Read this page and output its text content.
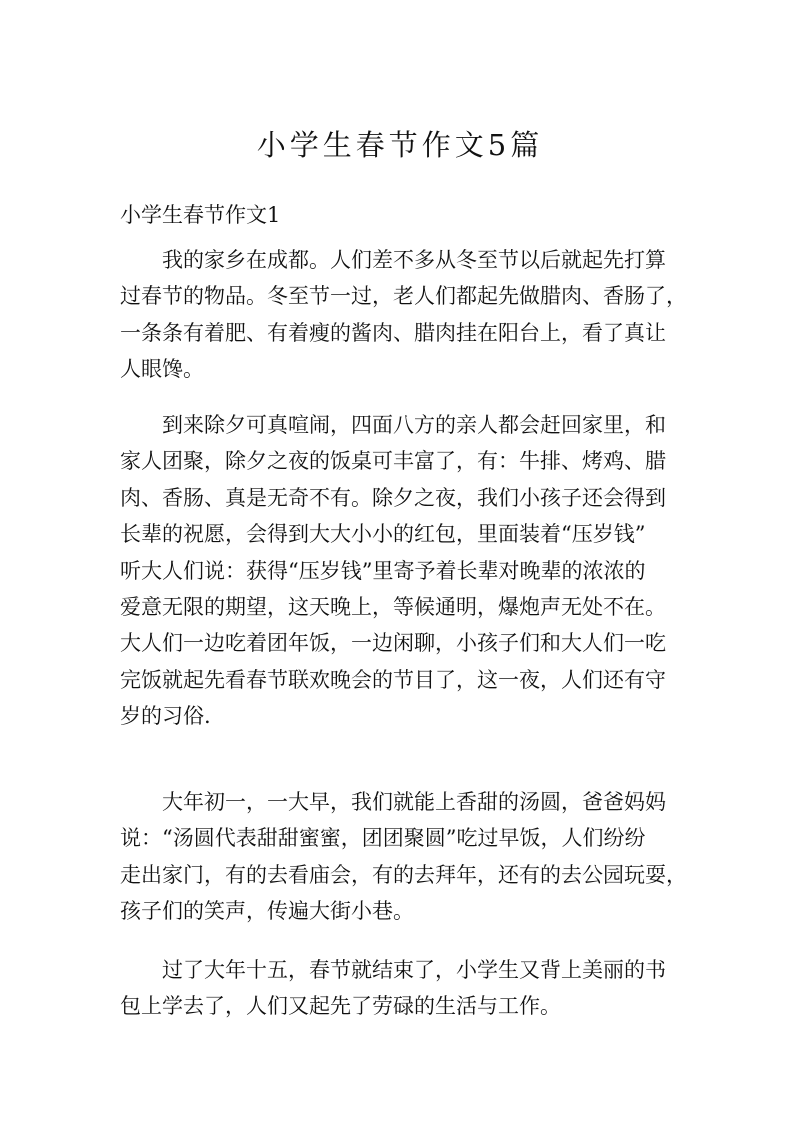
小学生春节作文5篇
小学生春节作文1
我的家乡在成都。人们差不多从冬至节以后就起先打算
过春节的物品。冬至节一过，老人们都起先做腊肉、香肠了，
一条条有着肥、有着瘦的酱肉、腊肉挂在阳台上，看了真让
人眼馋。
到来除夕可真喧闹，四面八方的亲人都会赶回家里，和
家人团聚，除夕之夜的饭桌可丰富了，有：牛排、烤鸡、腊
肉、香肠、真是无奇不有。除夕之夜，我们小孩子还会得到
长辈的祝愿，会得到大大小小的红包，里面装着“压岁钱”
听大人们说：获得“压岁钱”里寄予着长辈对晚辈的浓浓的
爱意无限的期望，这天晚上，等候通明，爆炮声无处不在。
大人们一边吃着团年饭，一边闲聊，小孩子们和大人们一吃
完饭就起先看春节联欢晚会的节目了，这一夜，人们还有守
岁的习俗.
大年初一，一大早，我们就能上香甜的汤圆，爸爸妈妈
说：“汤圆代表甜甜蜜蜜，团团聚圆”吃过早饭，人们纷纷
走出家门，有的去看庙会，有的去拜年，还有的去公园玩耍，
孩子们的笑声，传遍大街小巷。
过了大年十五，春节就结束了，小学生又背上美丽的书
包上学去了，人们又起先了劳碌的生活与工作。
